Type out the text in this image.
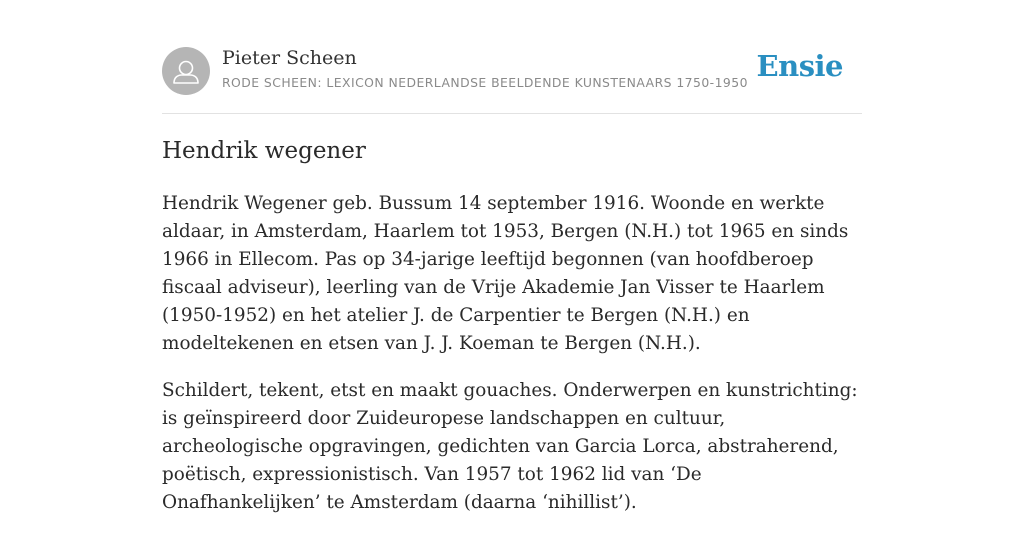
Pieter Scheen
RODE SCHEEN: LEXICON NEDERLANDSE BEELDENDE KUNSTENAARS 1750-1950 Ensie
Hendrik wegener

Hendrik Wegener geb. Bussum 14 september 1916. Woonde en werkte aldaar, in Amsterdam, Haarlem tot 1953, Bergen (N.H.) tot 1965 en sinds 1966 in Ellecom. Pas op 34-jarige leeftijd begonnen (van hoofdberoep fiscaal adviseur), leerling van de Vrije Akademie Jan Visser te Haarlem (1950-1952) en het atelier J. de Carpentier te Bergen (N.H.) en modeltekenen en etsen van J. J. Koeman te Bergen (N.H.).

Schildert, tekent, etst en maakt gouaches. Onderwerpen en kunstrichting: is geïnspireerd door Zuideuropese landschappen en cultuur, archeologische opgravingen, gedichten van Garcia Lorca, abstraherend, poëtisch, expressionistisch. Van 1957 tot 1962 lid van ‘De Onafhankelijken’ te Amsterdam (daarna ‘nihillist’).
